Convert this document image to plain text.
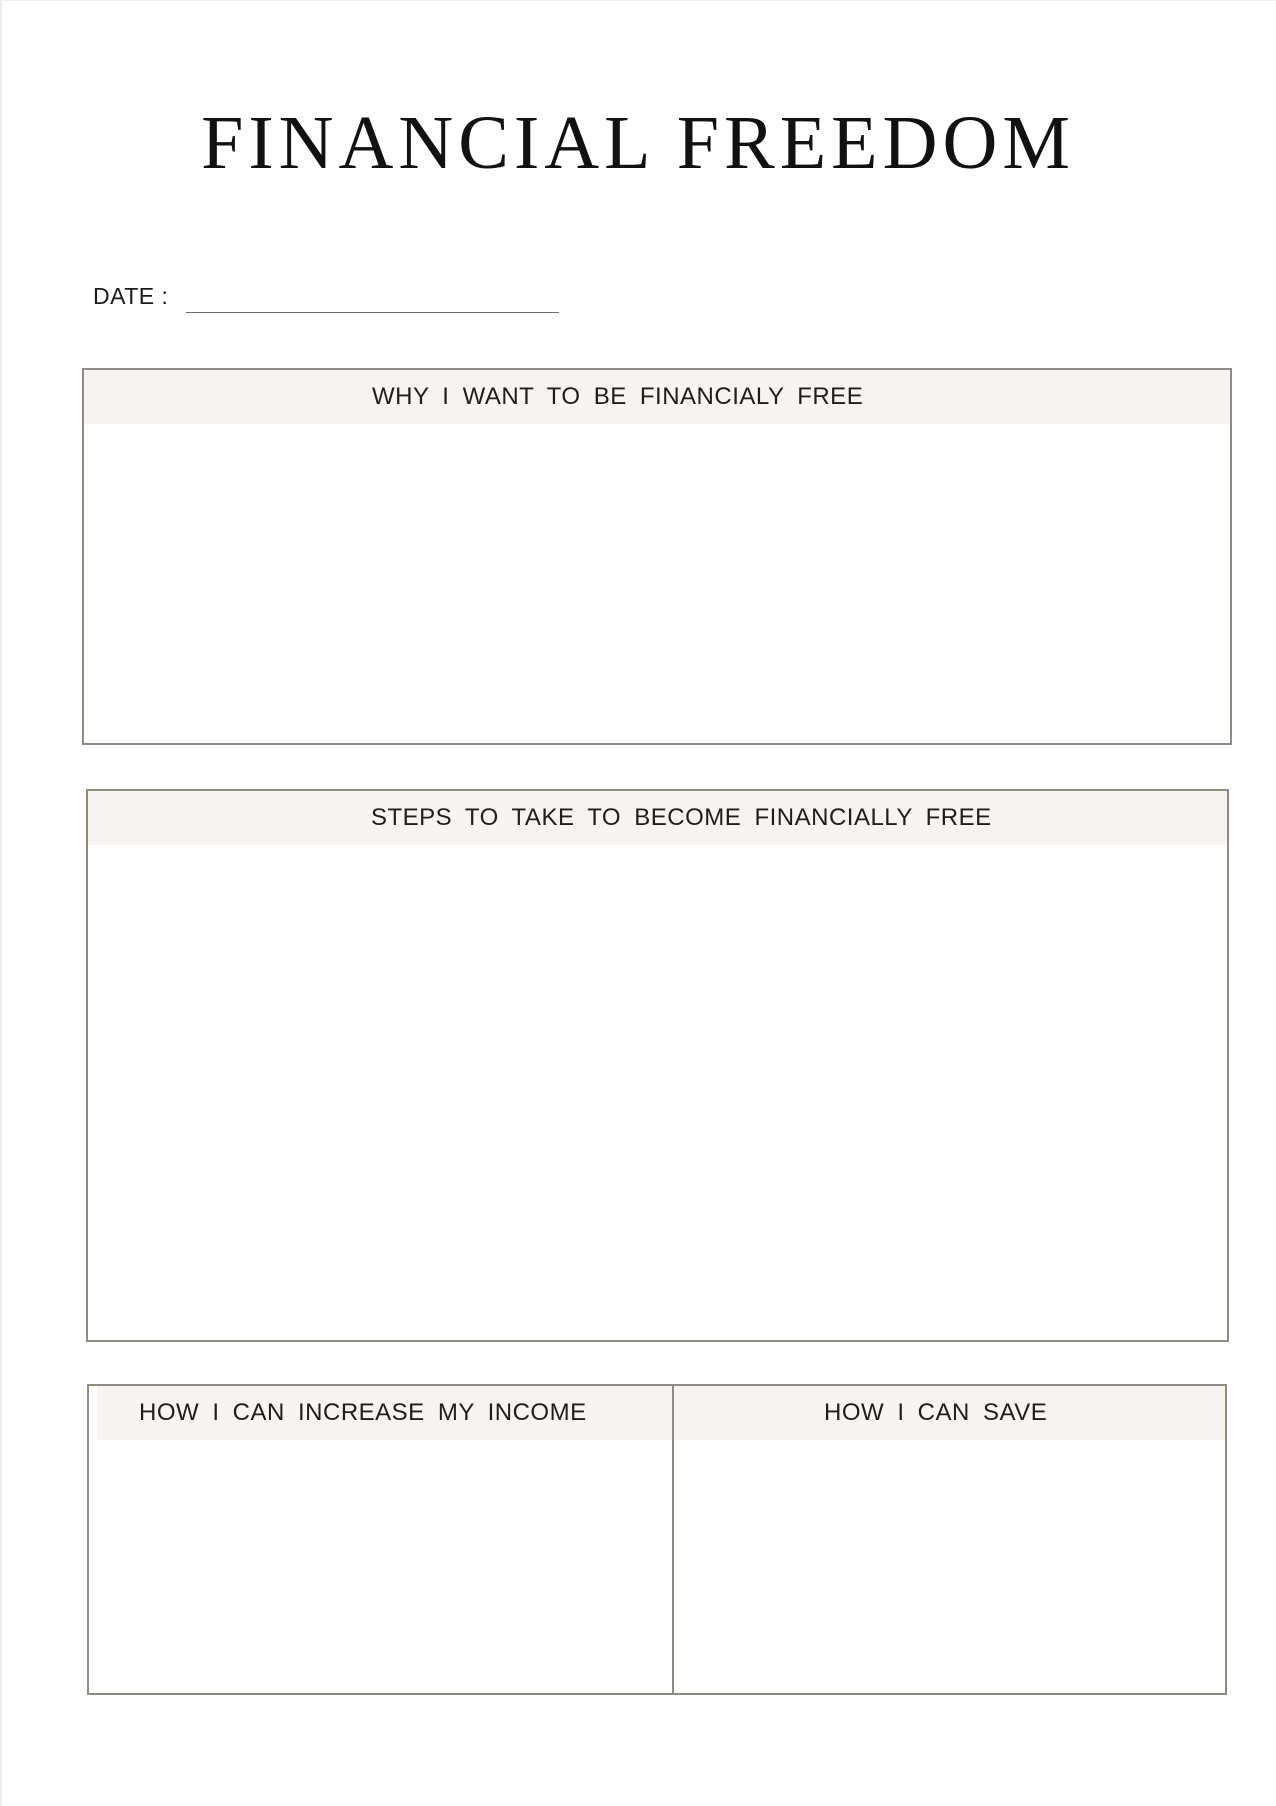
FINANCIAL FREEDOM
DATE :
WHY I WANT TO BE FINANCIALY FREE
STEPS TO TAKE TO BECOME FINANCIALLY FREE
HOW I CAN INCREASE MY INCOME	HOW I CAN SAVE
